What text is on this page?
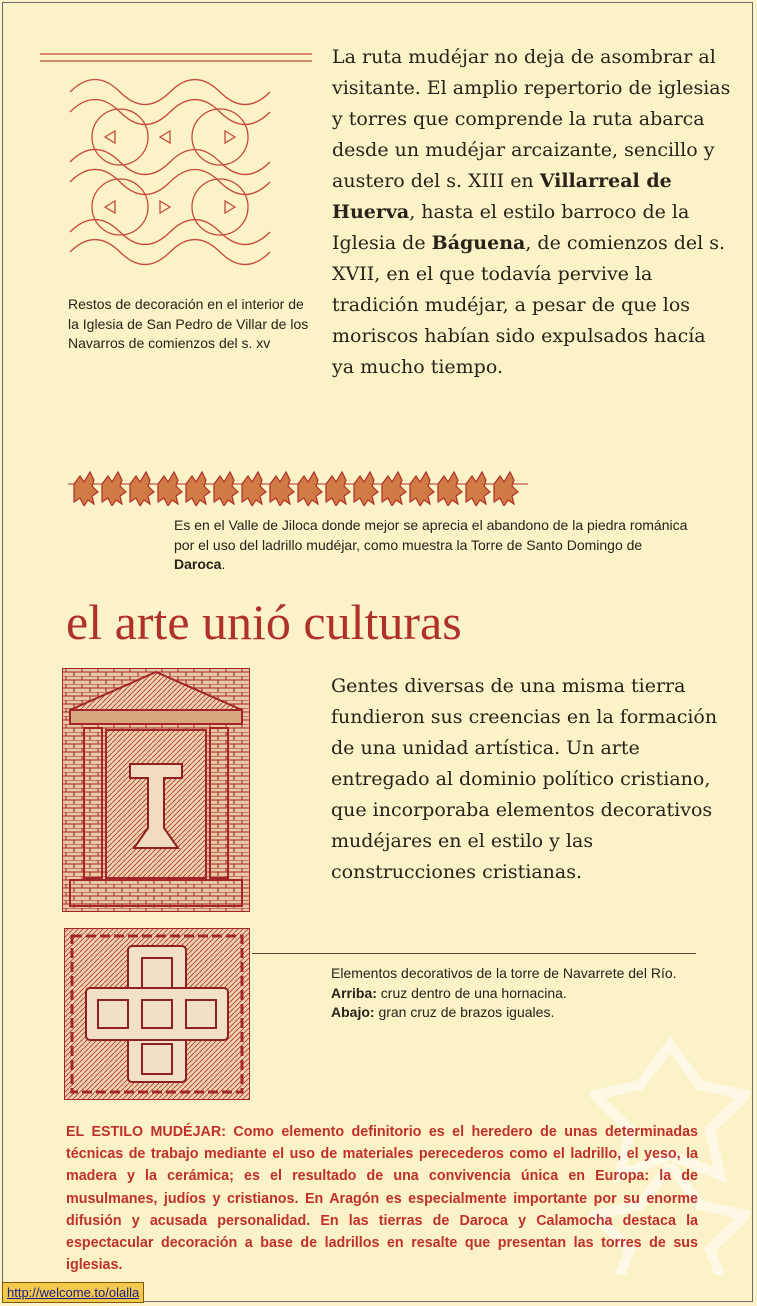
La ruta mudéjar no deja de asombrar al visitante. El amplio repertorio de iglesias y torres que comprende la ruta abarca desde un mudéjar arcaizante, sencillo y austero del s. XIII en Villarreal de Huerva, hasta el estilo barroco de la Iglesia de Báguena, de comienzos del s. XVII, en el que todavía pervive la tradición mudéjar, a pesar de que los moriscos habían sido expulsados hacía ya mucho tiempo.

Restos de decoración en el interior de la Iglesia de San Pedro de Villar de los Navarros de comienzos del s. xv

Es en el Valle de Jiloca donde mejor se aprecia el abandono de la piedra románica por el uso del ladrillo mudéjar, como muestra la Torre de Santo Domingo de Daroca.

el arte unió culturas

Gentes diversas de una misma tierra fundieron sus creencias en la formación de una unidad artística. Un arte entregado al dominio político cristiano, que incorporaba elementos decorativos mudéjares en el estilo y las construcciones cristianas.

Elementos decorativos de la torre de Navarrete del Río.
Arriba: cruz dentro de una hornacina.
Abajo: gran cruz de brazos iguales.

EL ESTILO MUDÉJAR: Como elemento definitorio es el heredero de unas determinadas técnicas de trabajo mediante el uso de materiales perecederos como el ladrillo, el yeso, la madera y la cerámica; es el resultado de una convivencia única en Europa: la de musulmanes, judíos y cristianos. En Aragón es especialmente importante por su enorme difusión y acusada personalidad. En las tierras de Daroca y Calamocha destaca la espectacular decoración a base de ladrillos en resalte que presentan las torres de sus iglesias.

http://welcome.to/olalla
